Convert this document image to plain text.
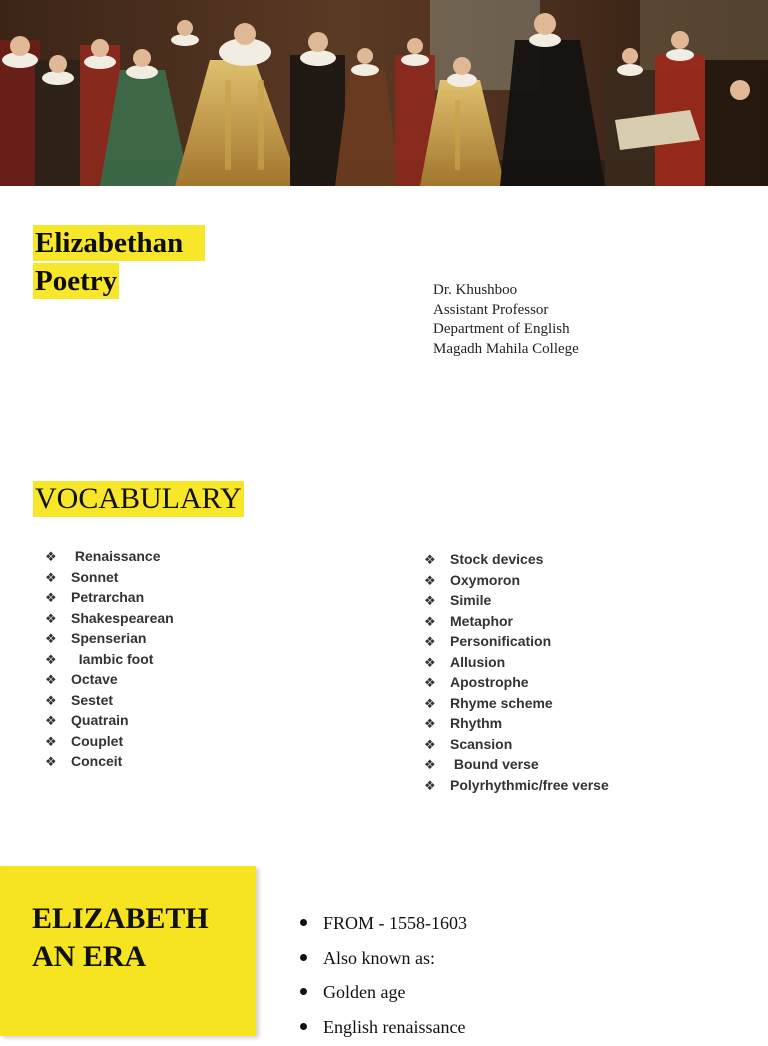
Elizabethan
Poetry	Dr. Khushboo
Assistant Professor
Department of English
Magadh Mahila College
VOCABULARY
❖ Renaissance
❖ Sonnet
❖ Petrarchan
❖ Shakespearean
❖ Spenserian
❖  Iambic foot
❖ Octave
❖ Sestet
❖ Quatrain
❖ Couplet
❖ Conceit
❖ Stock devices
❖ Oxymoron
❖ Simile
❖ Metaphor
❖ Personification
❖ Allusion
❖ Apostrophe
❖ Rhyme scheme
❖ Rhythm
❖ Scansion
❖ Bound verse
❖ Polyrhythmic/free verse
ELIZABETH
AN ERA
FROM - 1558-1603
Also known as:
Golden age
English renaissance
